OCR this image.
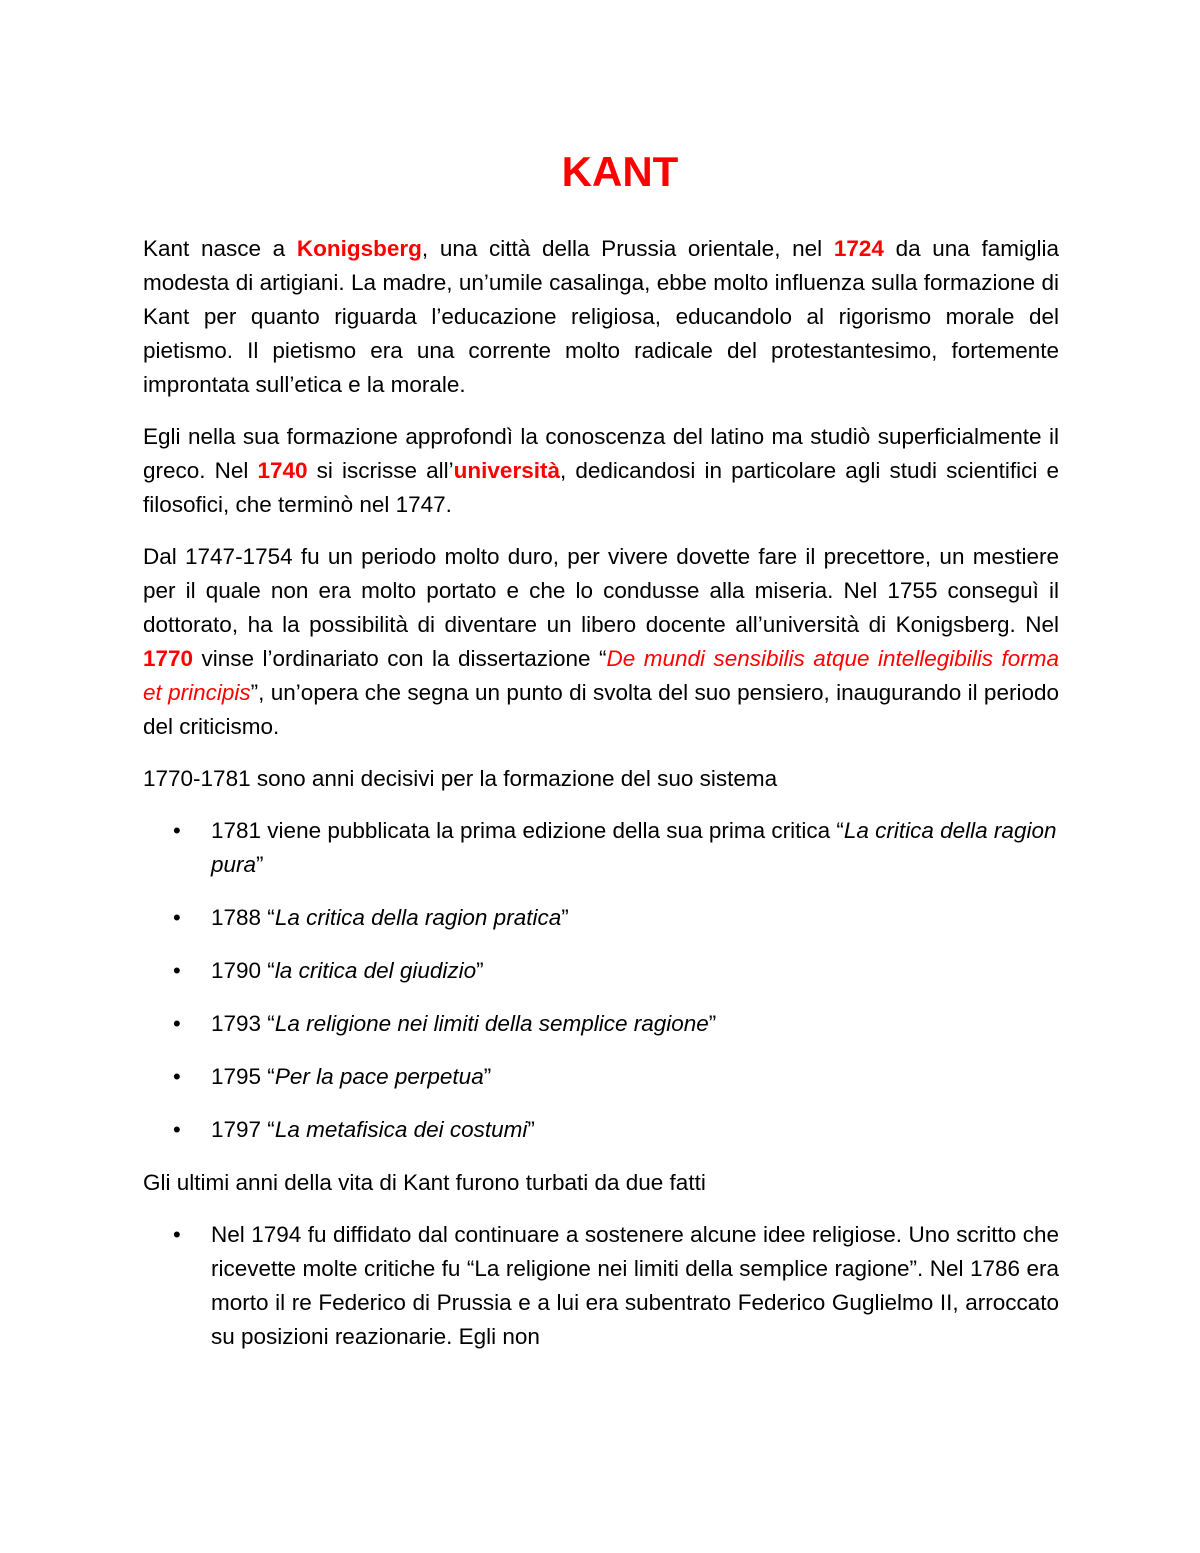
KANT

Kant nasce a Konigsberg, una città della Prussia orientale, nel 1724 da una famiglia modesta di artigiani. La madre, un’umile casalinga, ebbe molto influenza sulla formazione di Kant per quanto riguarda l’educazione religiosa, educandolo al rigorismo morale del pietismo. Il pietismo era una corrente molto radicale del protestantesimo, fortemente improntata sull’etica e la morale.

Egli nella sua formazione approfondì la conoscenza del latino ma studiò superficialmente il greco. Nel 1740 si iscrisse all’università, dedicandosi in particolare agli studi scientifici e filosofici, che terminò nel 1747.

Dal 1747-1754 fu un periodo molto duro, per vivere dovette fare il precettore, un mestiere per il quale non era molto portato e che lo condusse alla miseria. Nel 1755 conseguì il dottorato, ha la possibilità di diventare un libero docente all’università di Konigsberg. Nel 1770 vinse l’ordinariato con la dissertazione “De mundi sensibilis atque intellegibilis forma et principis”, un’opera che segna un punto di svolta del suo pensiero, inaugurando il periodo del criticismo.

1770-1781 sono anni decisivi per la formazione del suo sistema

• 1781 viene pubblicata la prima edizione della sua prima critica “La critica della ragion pura”
• 1788 “La critica della ragion pratica”
• 1790 “la critica del giudizio”
• 1793 “La religione nei limiti della semplice ragione”
• 1795 “Per la pace perpetua”
• 1797 “La metafisica dei costumi”

Gli ultimi anni della vita di Kant furono turbati da due fatti

• Nel 1794 fu diffidato dal continuare a sostenere alcune idee religiose. Uno scritto che ricevette molte critiche fu “La religione nei limiti della semplice ragione”. Nel 1786 era morto il re Federico di Prussia e a lui era subentrato Federico Guglielmo II, arroccato su posizioni reazionarie. Egli non
